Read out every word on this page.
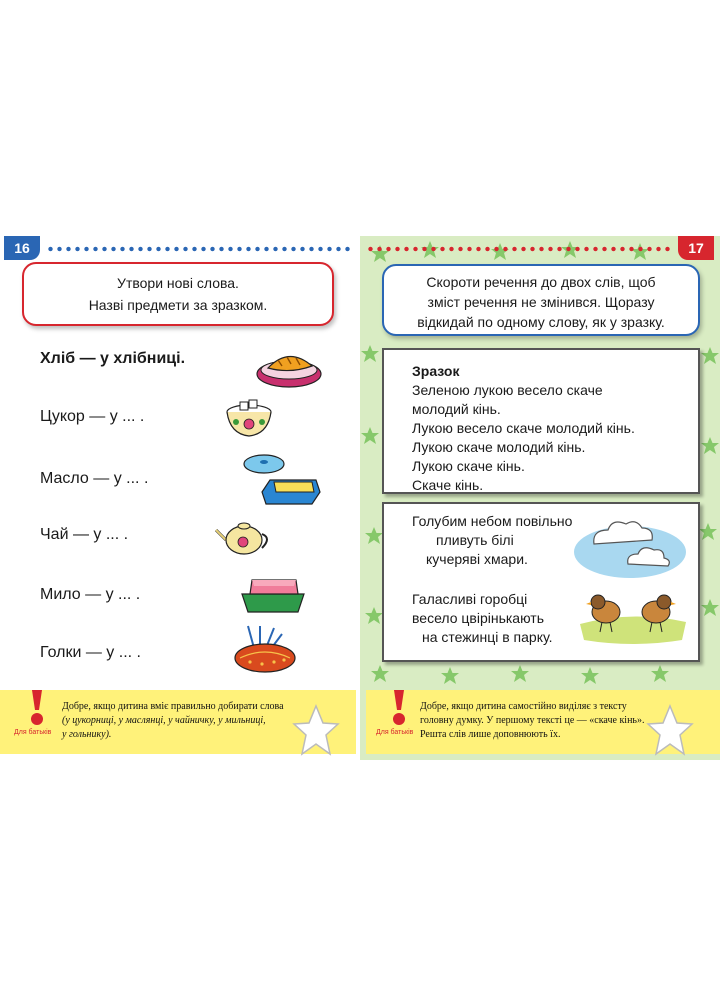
16
Утвори нові слова.
Назві предмети за зразком.
Хліб — у хлібниці.
Цукор — у ... .
Масло — у ... .
Чай — у ... .
Мило — у ... .
Голки — у ... .
Для батьків
Добре, якщо дитина вміє правильно добирати слова
(у цукорниці, у маслянці, у чайничку, у мильниці,
у гольнику).
17
Скороти речення до двох слів, щоб
зміст речення не змінився. Щоразу
відкидай по одному слову, як у зразку.
Зразок
Зеленою лукою весело скаче
молодий кінь.
Лукою весело скаче молодий кінь.
Лукою скаче молодий кінь.
Лукою скаче кінь.
Скаче кінь.
Голубим небом повільно
пливуть білі
кучеряві хмари.
Галасливі горобці
весело цвірінькають
на стежинці в парку.
Для батьків
Добре, якщо дитина самостійно виділяє з тексту
головну думку. У першому тексті це — «скаче кінь».
Решта слів лише доповнюють їх.
